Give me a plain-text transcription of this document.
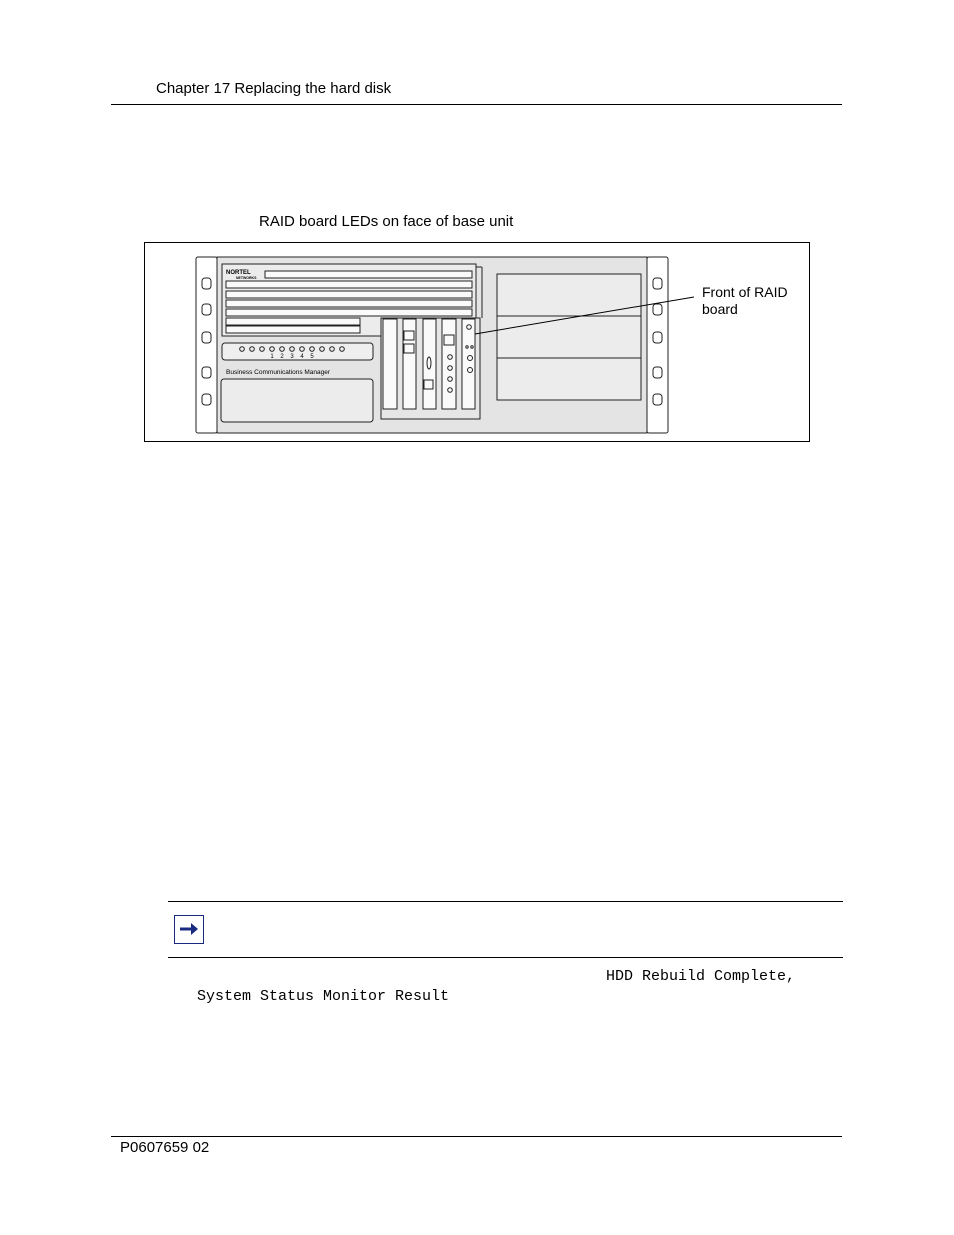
Chapter 17 Replacing the hard disk
RAID board LEDs on face of base unit
NORTEL
NETWORKS
Business Communications Manager
1 2 3 4 5
Front of RAID
board
HDD Rebuild Complete,
System Status Monitor Result
P0607659 02
